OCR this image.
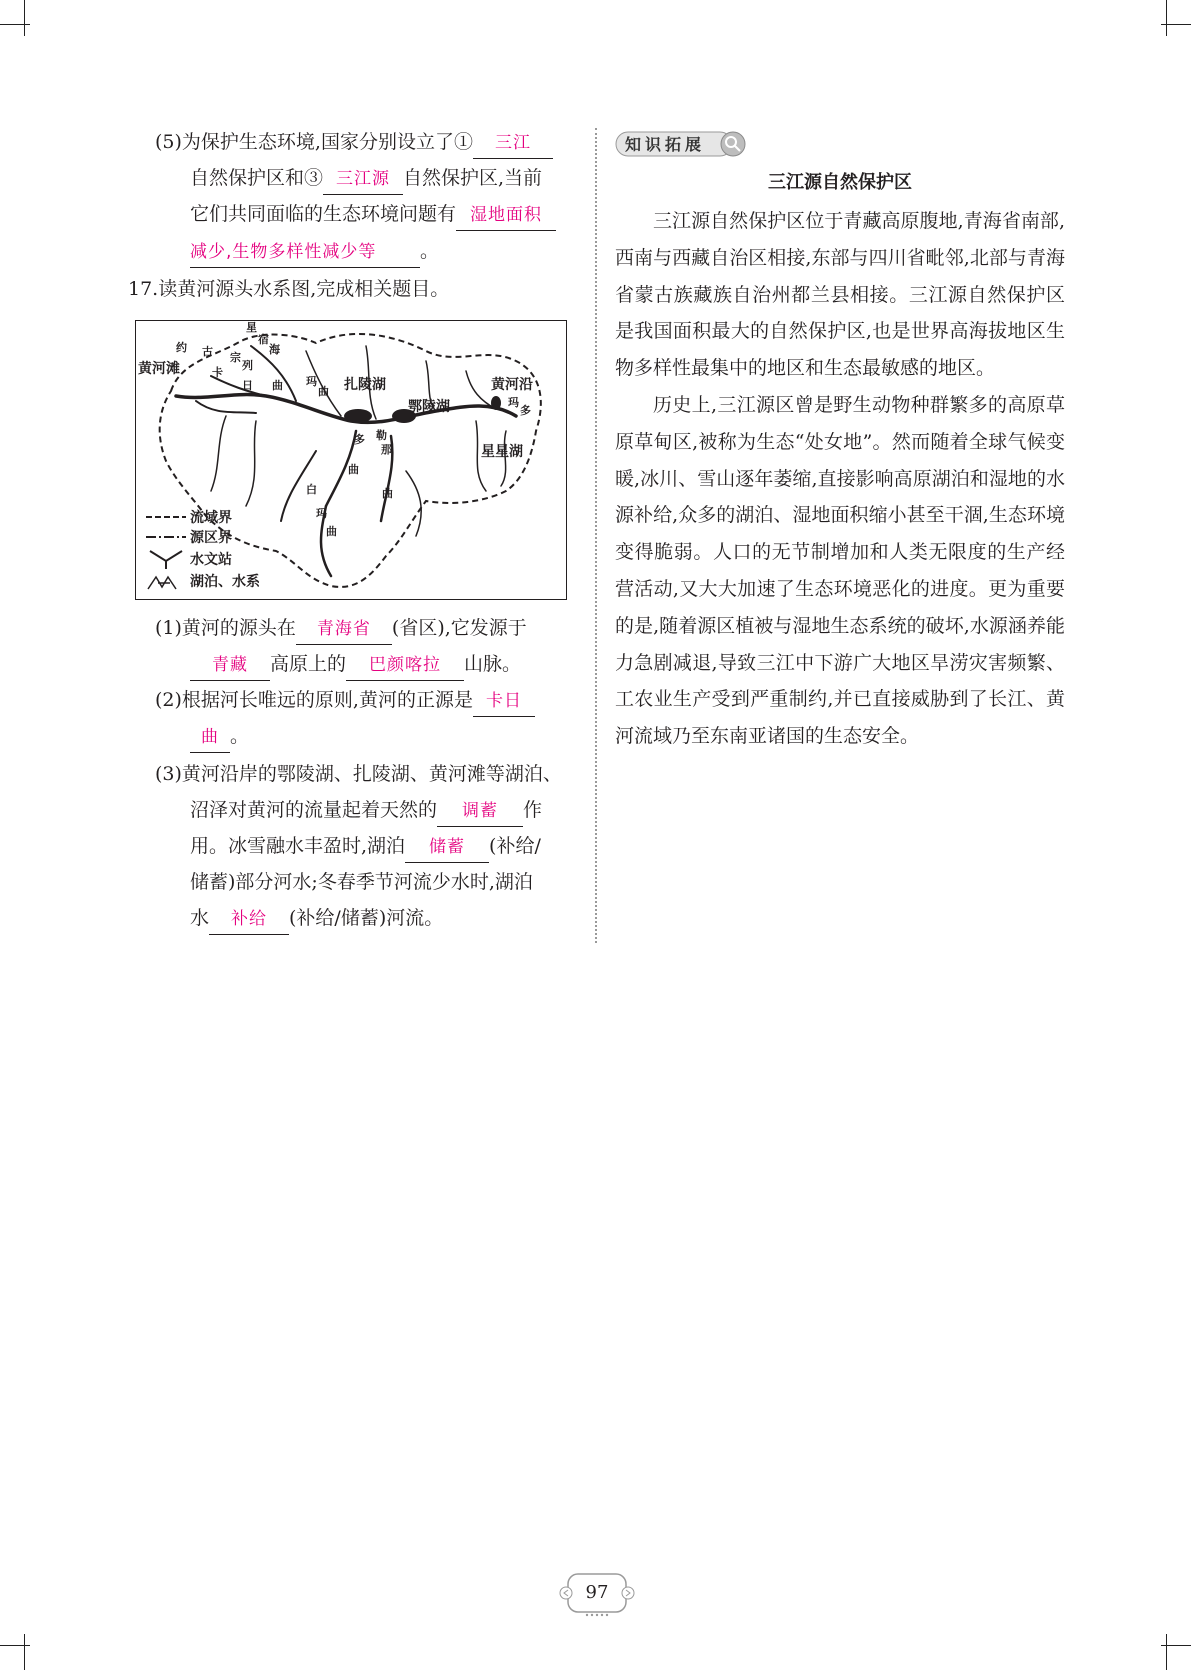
(5)为保护生态环境,国家分别设立了① 三江
自然保护区和③ 三江源 自然保护区,当前
它们共同面临的生态环境问题有 湿地面积
减少,生物多样性减少等 。
17.读黄河源头水系图,完成相关题目。
黄河滩
扎陵湖
鄂陵湖
黄河沿
星星湖
约 古
卡
宗
列
日 曲
星
宿
海
玛
曲
玛
多
多 勒
那
曲
曲
白
玛
曲
流域界
源区界
水文站
湖泊、水系
(1)黄河的源头在 青海省 (省区),它发源于
青藏 高原上的 巴颜喀拉 山脉。
(2)根据河长唯远的原则,黄河的正源是 卡日
曲 。
(3)黄河沿岸的鄂陵湖、扎陵湖、黄河滩等湖泊、
沼泽对黄河的流量起着天然的 调蓄 作
用。冰雪融水丰盈时,湖泊 储蓄 (补给/
储蓄)部分河水;冬春季节河流少水时,湖泊
水 补给 (补给/储蓄)河流。
知识拓展
三江源自然保护区

三江源自然保护区位于青藏高原腹地,青海省南部,西南与西藏自治区相接,东部与四川省毗邻,北部与青海省蒙古族藏族自治州都兰县相接。三江源自然保护区是我国面积最大的自然保护区,也是世界高海拔地区生物多样性最集中的地区和生态最敏感的地区。

历史上,三江源区曾是野生动物种群繁多的高原草原草甸区,被称为生态“处女地”。然而随着全球气候变暖,冰川、雪山逐年萎缩,直接影响高原湖泊和湿地的水源补给,众多的湖泊、湿地面积缩小甚至干涸,生态环境变得脆弱。人口的无节制增加和人类无限度的生产经营活动,又大大加速了生态环境恶化的进度。更为重要的是,随着源区植被与湿地生态系统的破坏,水源涵养能力急剧减退,导致三江中下游广大地区旱涝灾害频繁、工农业生产受到严重制约,并已直接威胁到了长江、黄河流域乃至东南亚诸国的生态安全。

97
